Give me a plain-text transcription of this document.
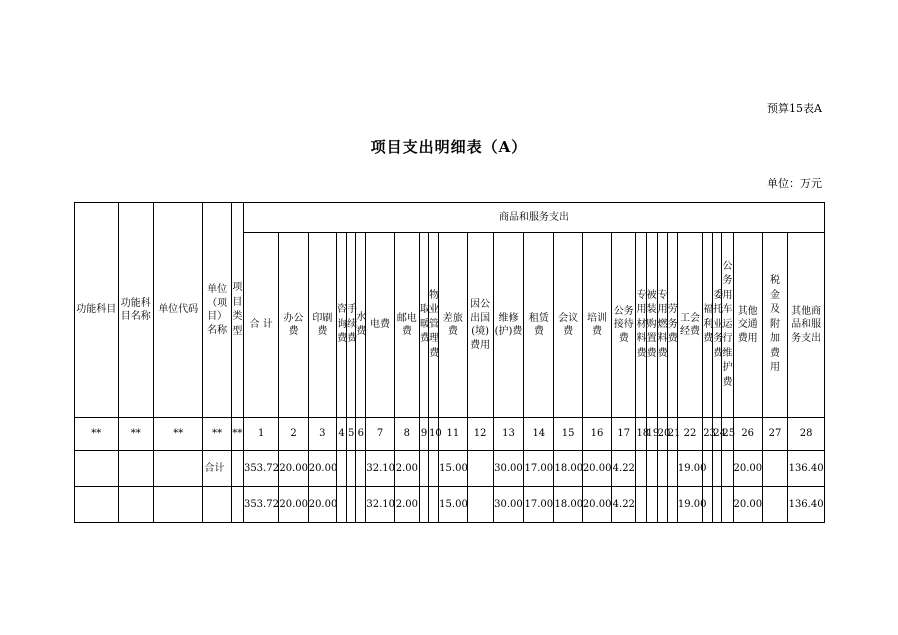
预算15表A
项目支出明细表（A）
单位：万元
功能科目	功能科目名称	单位代码	单位（项目）名称	项目类型	商品和服务支出																											
					合 计	办公费	印刷费	咨询费	手续费	水费	电费	邮电费	取暖费	物业管理费	差旅费	因公出国(境)费用	维修(护)费	租赁费	会议费	培训费	公务接待费	专用材料费	被装购置费	专用燃料费	劳务费	工会经费	福利费	委托业务费	公务用车运行维护费	其他交通费用	税金及附加费用	其他商品和服务支出
**	**	**	**	**	1	2	3	4	5	6	7	8	9	10	11	12	13	14	15	16	17	18	19	20	21	22	23	24	25	26	27	28
			合计		353.72	20.00	20.00				32.10	2.00			15.00		30.00	17.00	18.00	20.00	4.22					19.00				20.00		136.40
					353.72	20.00	20.00				32.10	2.00			15.00		30.00	17.00	18.00	20.00	4.22					19.00				20.00		136.40
